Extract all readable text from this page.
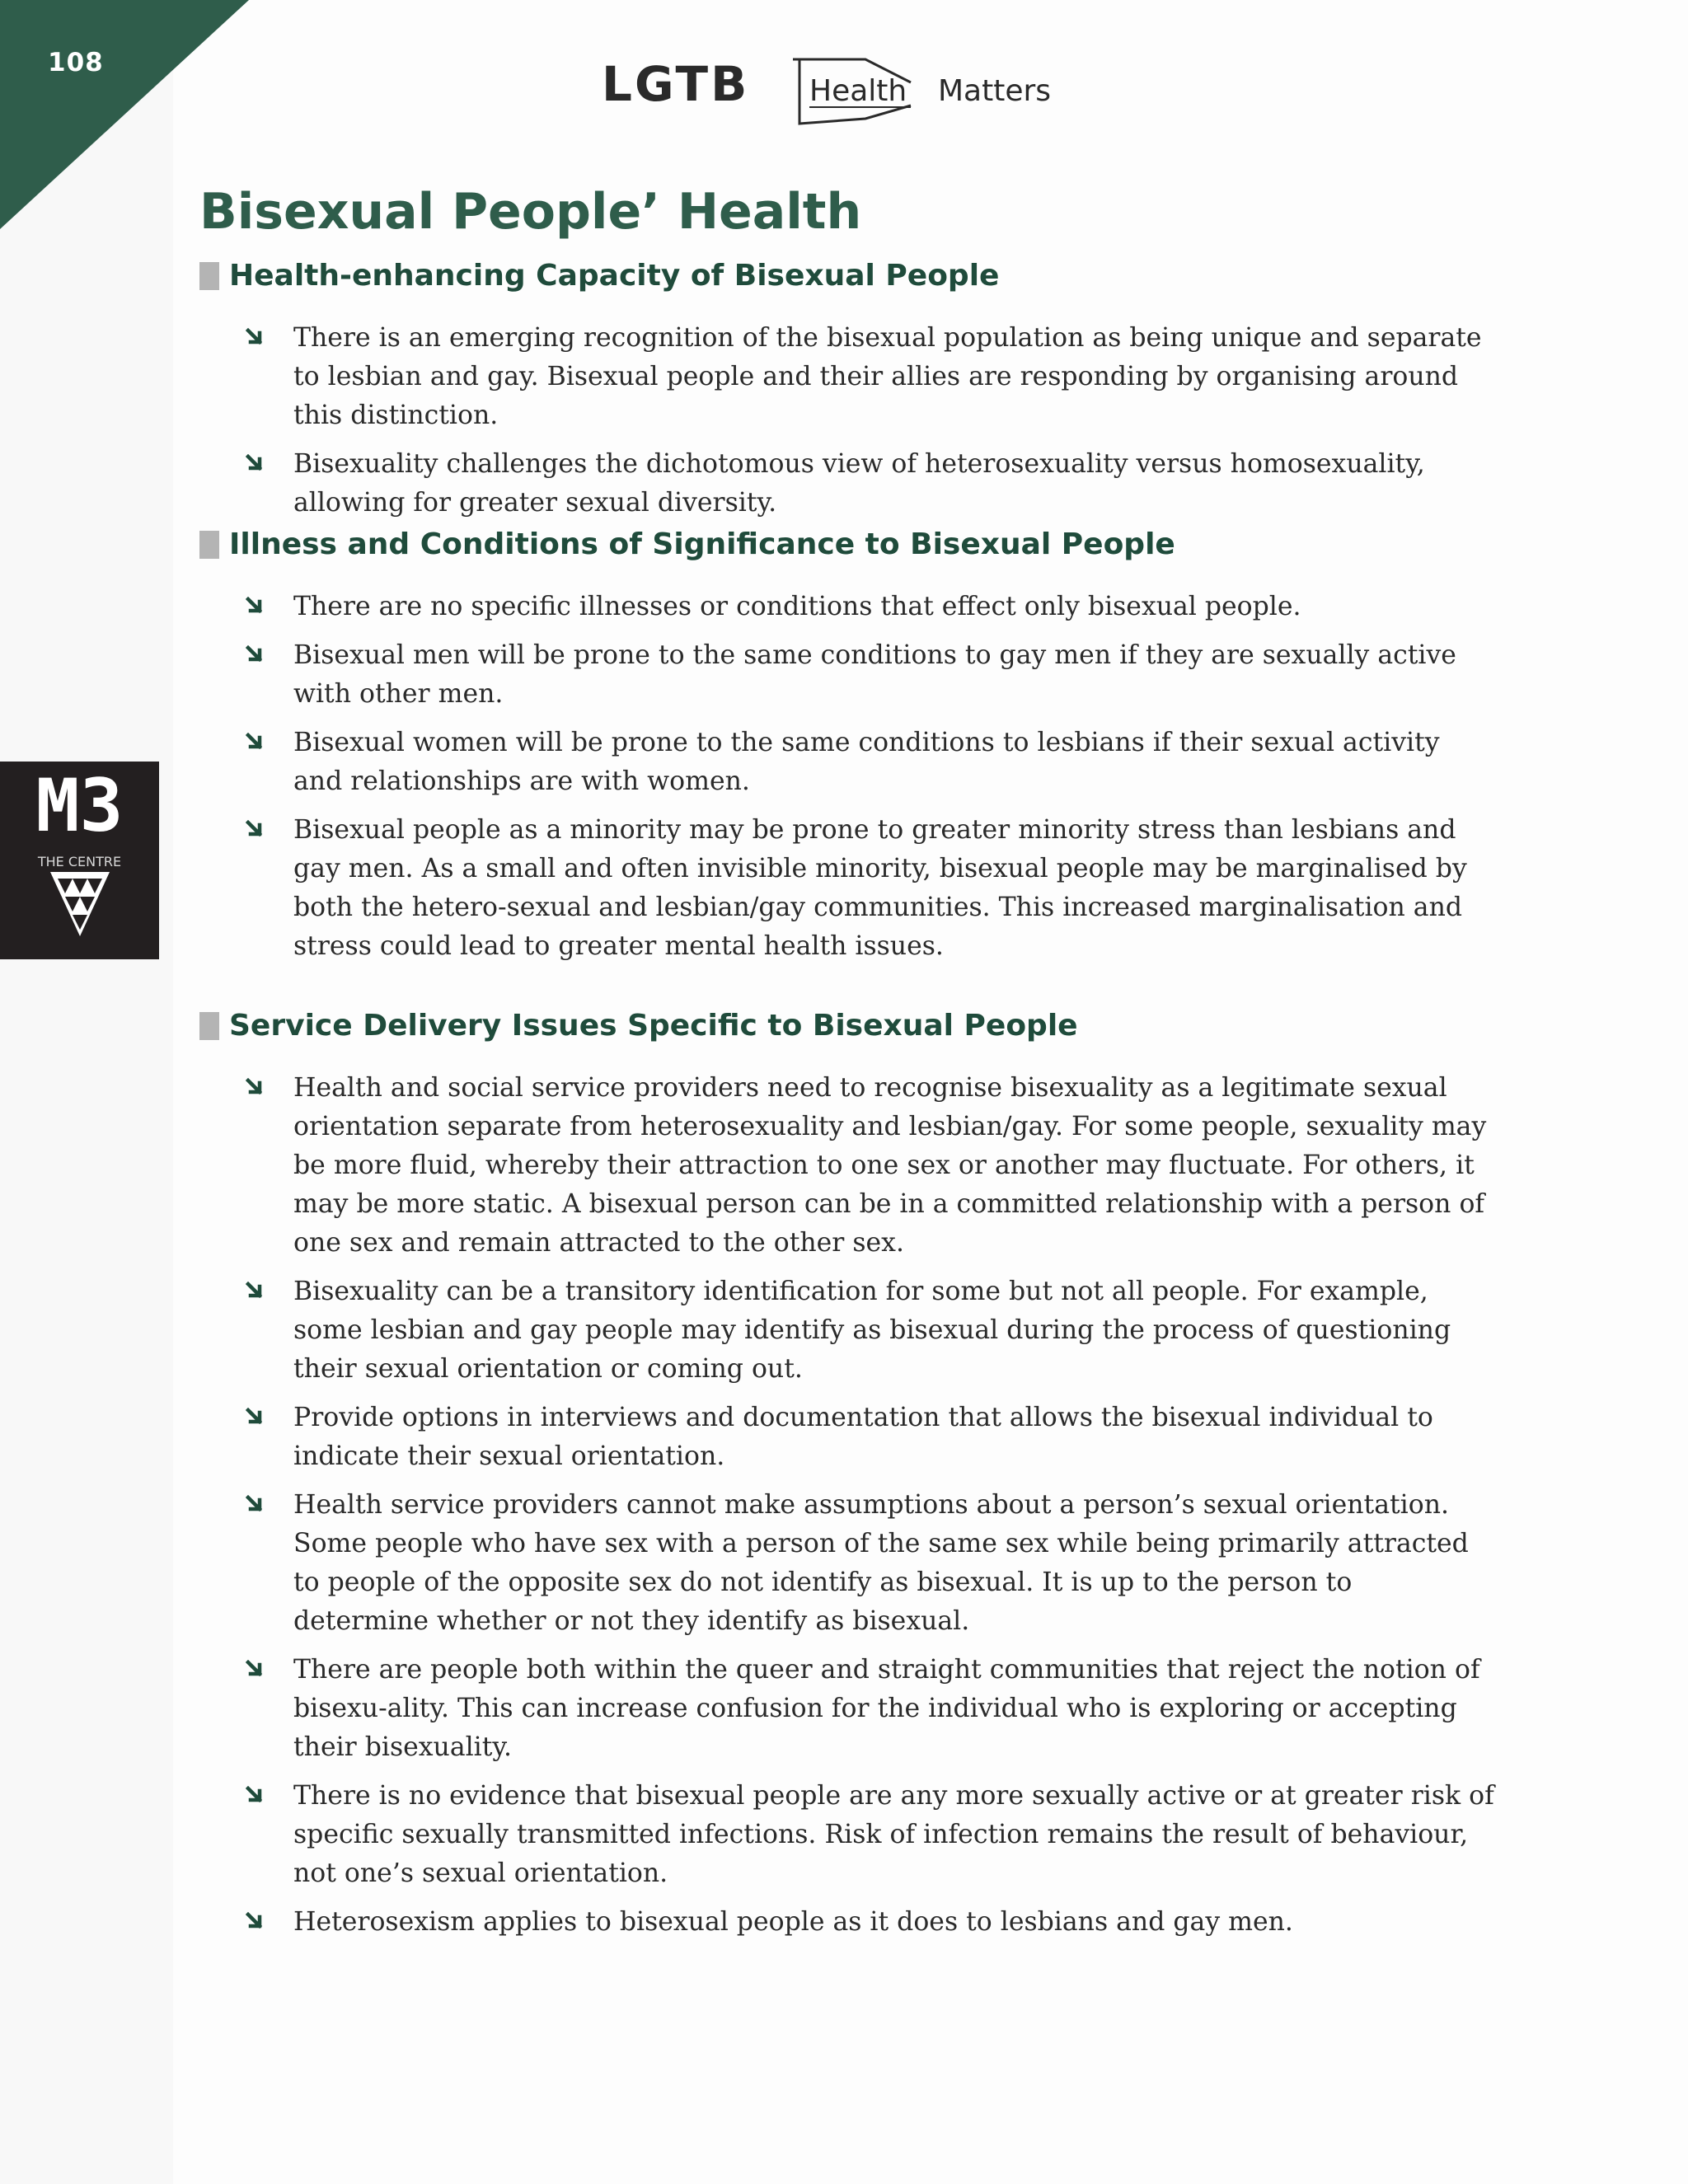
108	LGTB Health Matters
Bisexual People’ Health
Health-enhancing Capacity of Bisexual People
There is an emerging recognition of the bisexual population as being unique and separate to lesbian and gay. Bisexual people and their allies are responding by organising around this distinction.
Bisexuality challenges the dichotomous view of heterosexuality versus homosexuality, allowing for greater sexual diversity.
Illness and Conditions of Significance to Bisexual People
There are no specific illnesses or conditions that effect only bisexual people.
Bisexual men will be prone to the same conditions to gay men if they are sexually active with other men.
Bisexual women will be prone to the same conditions to lesbians if their sexual activity and relationships are with women.
Bisexual people as a minority may be prone to greater minority stress than lesbians and gay men. As a small and often invisible minority, bisexual people may be marginalised by both the hetero-sexual and lesbian/gay communities. This increased marginalisation and stress could lead to greater mental health issues.
Service Delivery Issues Specific to Bisexual People
Health and social service providers need to recognise bisexuality as a legitimate sexual orientation separate from heterosexuality and lesbian/gay. For some people, sexuality may be more fluid, whereby their attraction to one sex or another may fluctuate. For others, it may be more static. A bisexual person can be in a committed relationship with a person of one sex and remain attracted to the other sex.
Bisexuality can be a transitory identification for some but not all people. For example, some lesbian and gay people may identify as bisexual during the process of questioning their sexual orientation or coming out.
Provide options in interviews and documentation that allows the bisexual individual to indicate their sexual orientation.
Health service providers cannot make assumptions about a person’s sexual orientation. Some people who have sex with a person of the same sex while being primarily attracted to people of the opposite sex do not identify as bisexual. It is up to the person to determine whether or not they identify as bisexual.
There are people both within the queer and straight communities that reject the notion of bisexu-ality. This can increase confusion for the individual who is exploring or accepting their bisexuality.
There is no evidence that bisexual people are any more sexually active or at greater risk of specific sexually transmitted infections. Risk of infection remains the result of behaviour, not one’s sexual orientation.
Heterosexism applies to bisexual people as it does to lesbians and gay men.
M3
THE CENTRE
